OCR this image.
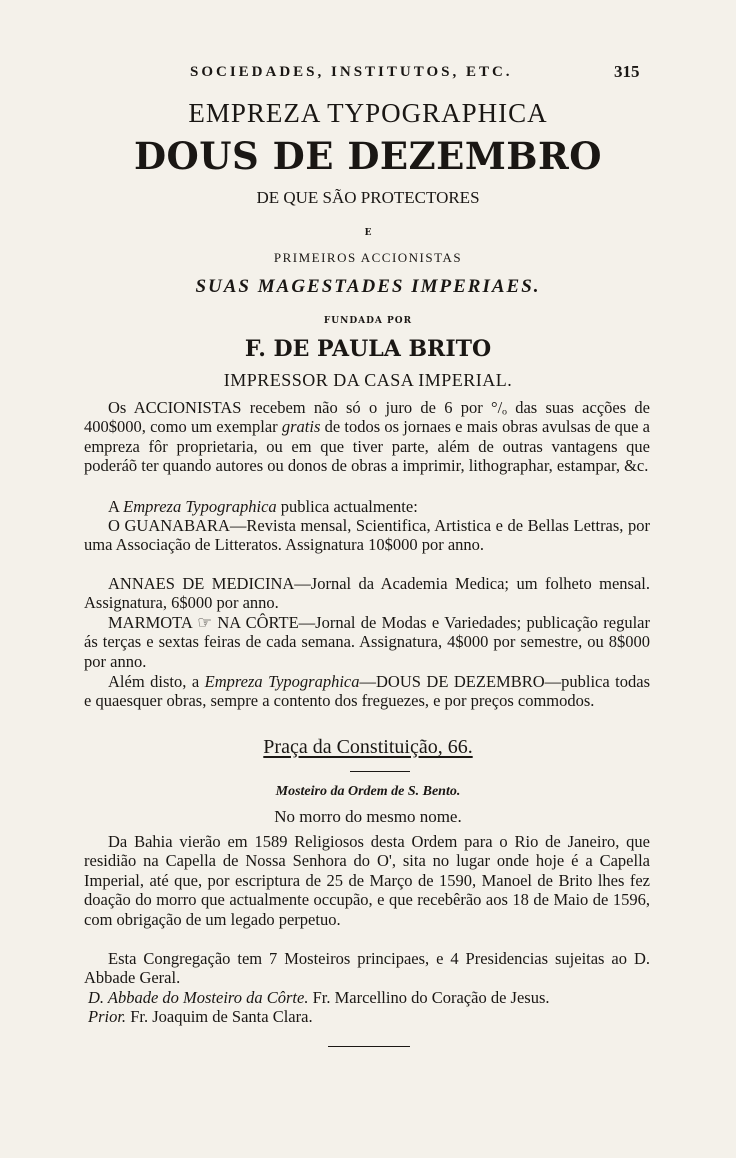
SOCIEDADES, INSTITUTOS, ETC.	315
EMPREZA TYPOGRAPHICA
DOUS DE DEZEMBRO
DE QUE SÃO PROTECTORES
E
PRIMEIROS ACCIONISTAS
SUAS MAGESTADES IMPERIAES.
FUNDADA POR
F. DE PAULA BRITO
IMPRESSOR DA CASA IMPERIAL.

Os ACCIONISTAS recebem não só o juro de 6 por °/ₒ das suas acções de 400$000, como um exemplar gratis de todos os jornaes e mais obras avulsas de que a empreza fôr proprietaria, ou em que tiver parte, além de outras vantagens que poderáõ ter quando autores ou donos de obras a imprimir, lithographar, estampar, &c.

A Empreza Typographica publica actualmente:

O GUANABARA—Revista mensal, Scientifica, Artistica e de Bellas Lettras, por uma Associação de Litteratos. Assignatura 10$000 por anno.

ANNAES DE MEDICINA—Jornal da Academia Medica; um folheto mensal. Assignatura, 6$000 por anno.

MARMOTA ☞ NA CÔRTE—Jornal de Modas e Variedades; publicação regular ás terças e sextas feiras de cada semana. Assignatura, 4$000 por semestre, ou 8$000 por anno.

Além disto, a Empreza Typographica—DOUS DE DEZEMBRO—publica todas e quaesquer obras, sempre a contento dos freguezes, e por preços commodos.

Praça da Constituição, 66.
Mosteiro da Ordem de S. Bento.
No morro do mesmo nome.

Da Bahia vierão em 1589 Religiosos desta Ordem para o Rio de Janeiro, que residião na Capella de Nossa Senhora do O', sita no lugar onde hoje é a Capella Imperial, até que, por escriptura de 25 de Março de 1590, Manoel de Brito lhes fez doação do morro que actualmente occupão, e que recebêrão aos 18 de Maio de 1596, com obrigação de um legado perpetuo.

Esta Congregação tem 7 Mosteiros principaes, e 4 Presidencias sujeitas ao D. Abbade Geral.

D. Abbade do Mosteiro da Côrte. Fr. Marcellino do Coração de Jesus.
Prior. Fr. Joaquim de Santa Clara.
